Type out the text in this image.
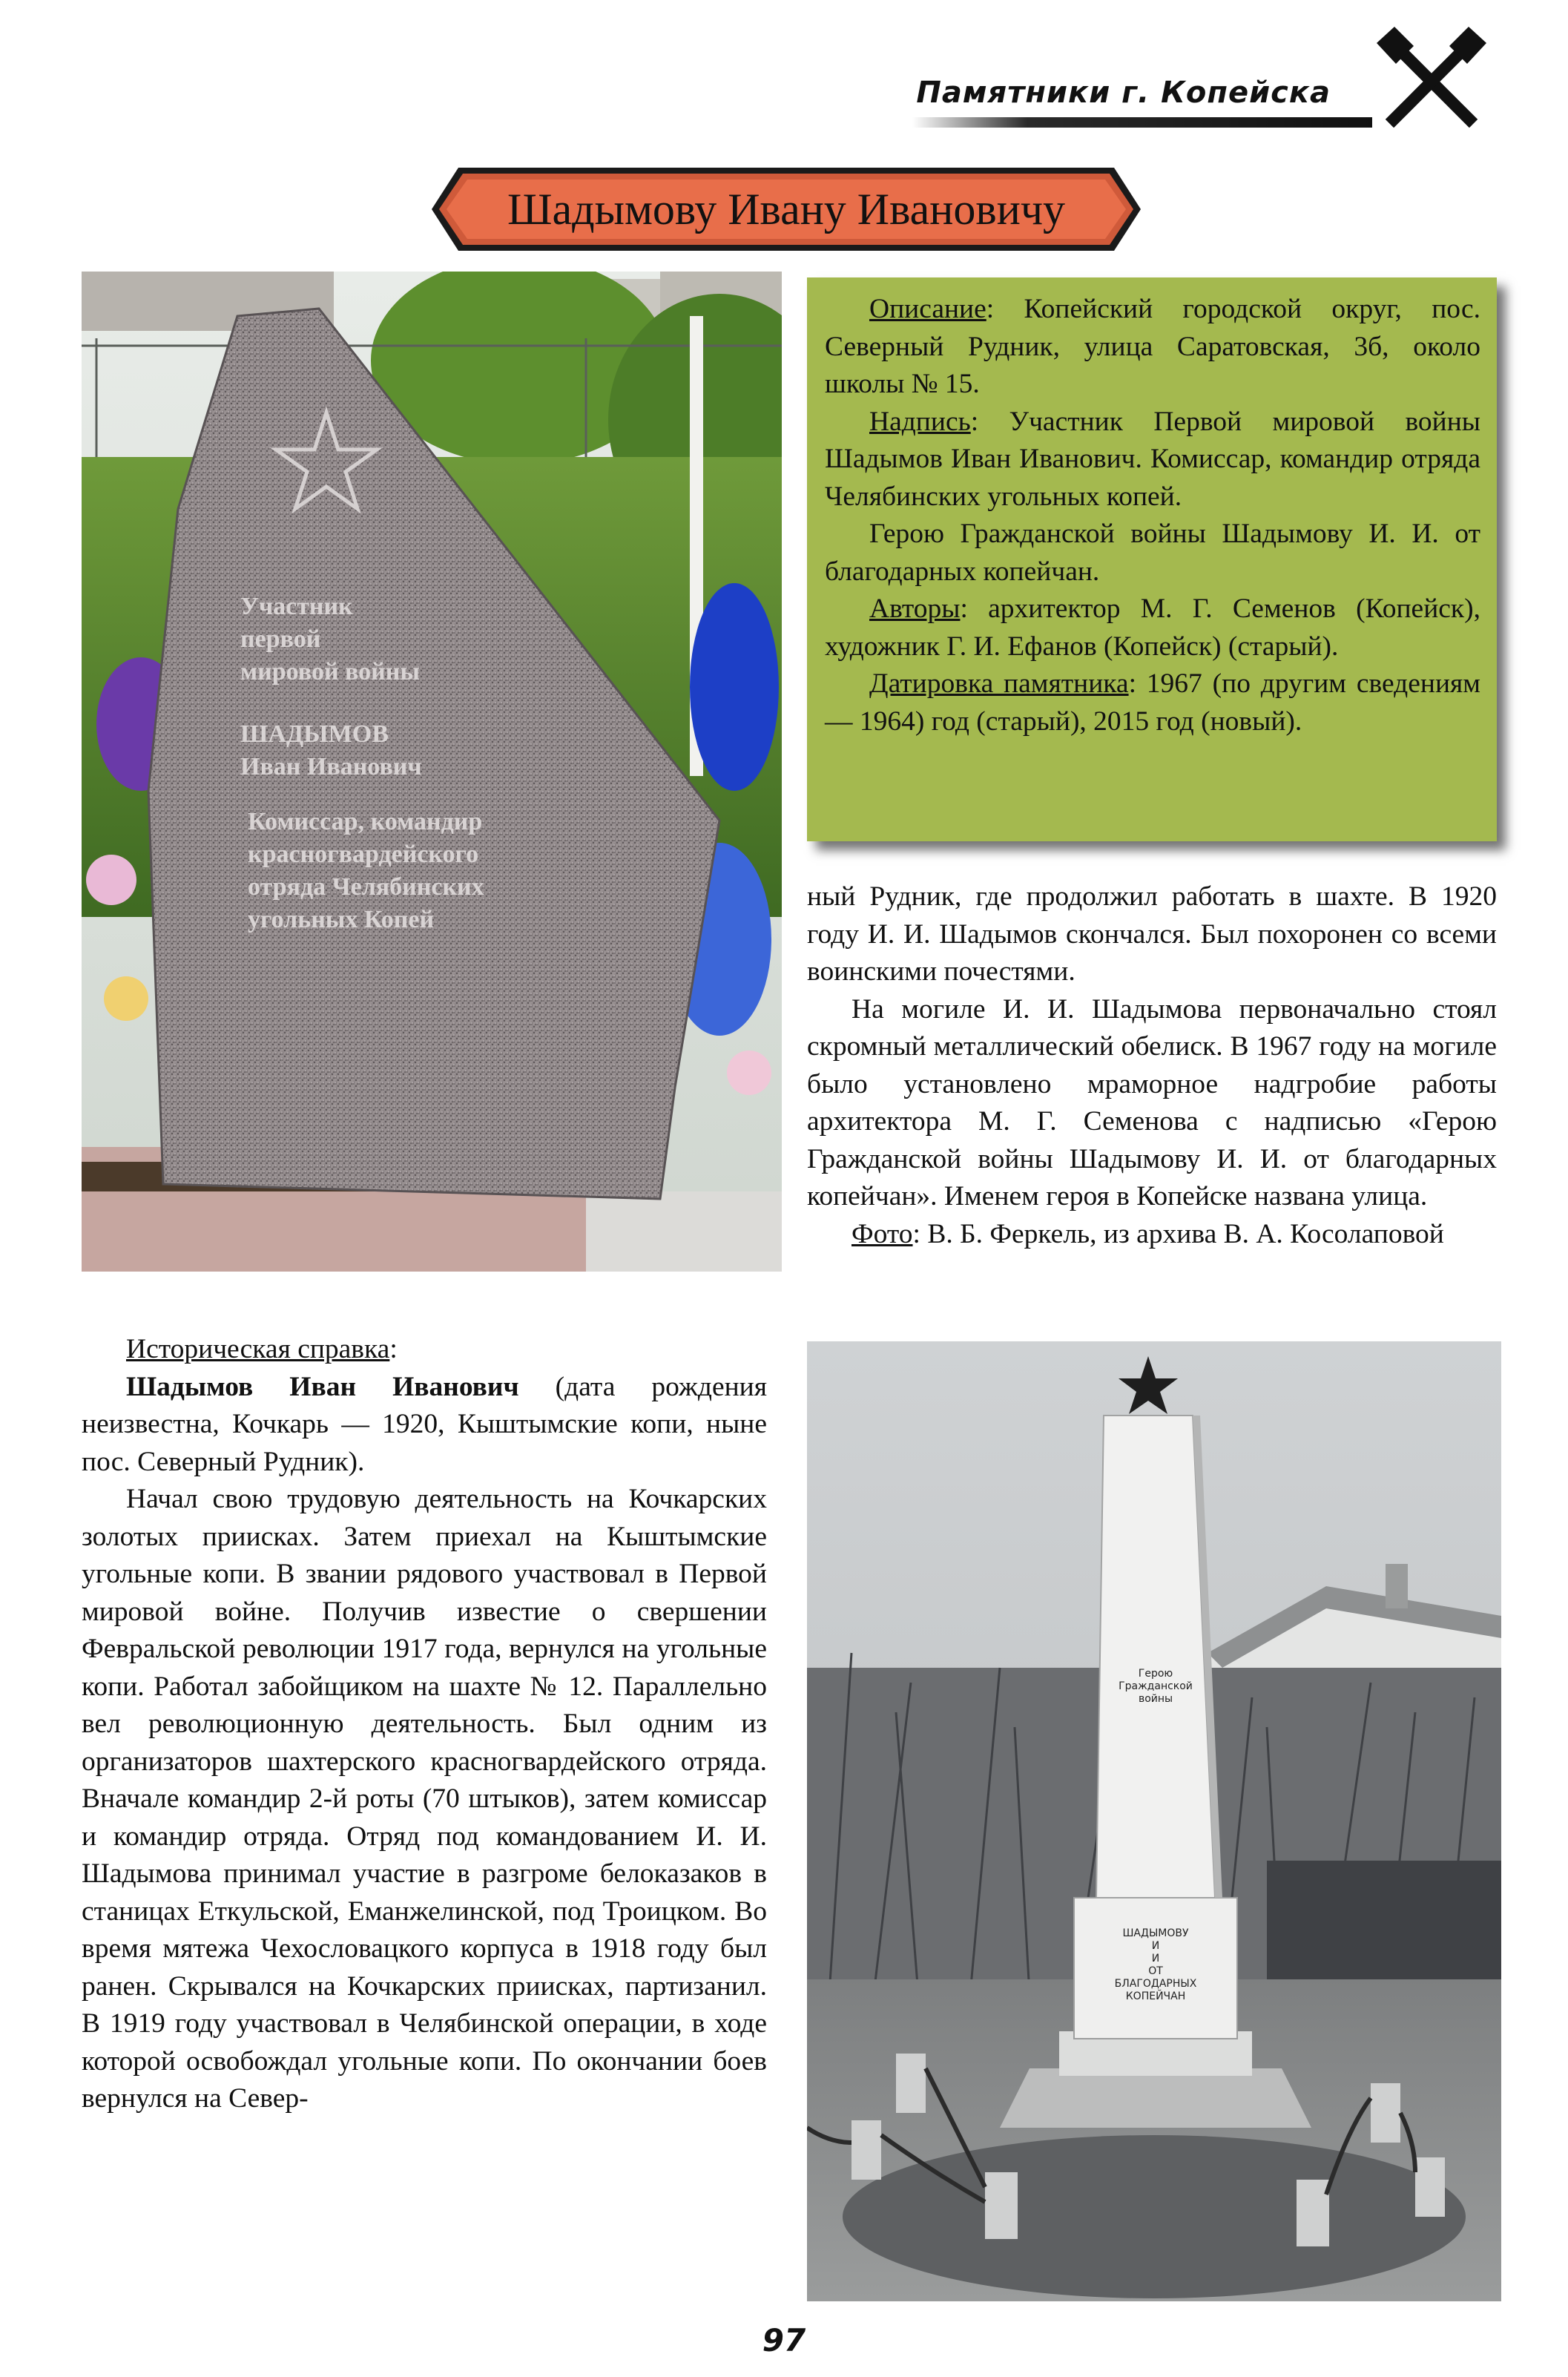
Памятники г. Копейска
Шадымову Ивану Ивановичу
Участник
первой
мировой войны
ШАДЫМОВ
Иван Иванович
Комиссар, командир
красногвардейского
отряда Челябинских
угольных Копей

Описание: Копейский городской округ, пос. Северный Рудник, улица Саратовская, 3б, около школы № 15.

Надпись: Участник Первой мировой войны Шадымов Иван Иванович. Комиссар, командир отряда Челябинских угольных копей.

Герою Гражданской войны Шадымову И. И. от благодарных копейчан.

Авторы: архитектор М. Г. Семенов (Копейск), художник Г. И. Ефанов (Копейск) (старый).

Датировка памятника: 1967 (по другим сведениям — 1964) год (старый), 2015 год (новый).

ный Рудник, где продолжил работать в шахте. В 1920 году И. И. Шадымов скончался. Был похоронен со всеми воинскими почестями.

На могиле И. И. Шадымова первоначально стоял скромный металлический обелиск. В 1967 году на могиле было установлено мраморное надгробие работы архитектора М. Г. Семенова с надписью «Герою Гражданской войны Шадымову И. И. от благодарных копейчан». Именем героя в Копейске названа улица.

Фото: В. Б. Феркель, из архива В. А. Косолаповой

Историческая справка:

Шадымов Иван Иванович (дата рождения неизвестна, Кочкарь — 1920, Кыштымские копи, ныне пос. Северный Рудник).

Начал свою трудовую деятельность на Кочкарских золотых приисках. Затем приехал на Кыштымские угольные копи. В звании рядового участвовал в Первой мировой войне. Получив известие о свершении Февральской революции 1917 года, вернулся на угольные копи. Работал забойщиком на шахте № 12. Параллельно вел революционную деятельность. Был одним из организаторов шахтерского красногвардейского отряда. Вначале командир 2-й роты (70 штыков), затем комиссар и командир отряда. Отряд под командованием И. И. Шадымова принимал участие в разгроме белоказаков в станицах Еткульской, Еманжелинской, под Троицком. Во время мятежа Чехословацкого корпуса в 1918 году был ранен. Скрывался на Кочкарских приисках, партизанил. В 1919 году участвовал в Челябинской операции, в ходе которой освобождал угольные копи. По окончании боев вернулся на Север-

Герою
Гражданской
войны
ШАДЫМОВУ
И
И
ОТ
БЛАГОДАРНЫХ
КОПЕЙЧАН
97
